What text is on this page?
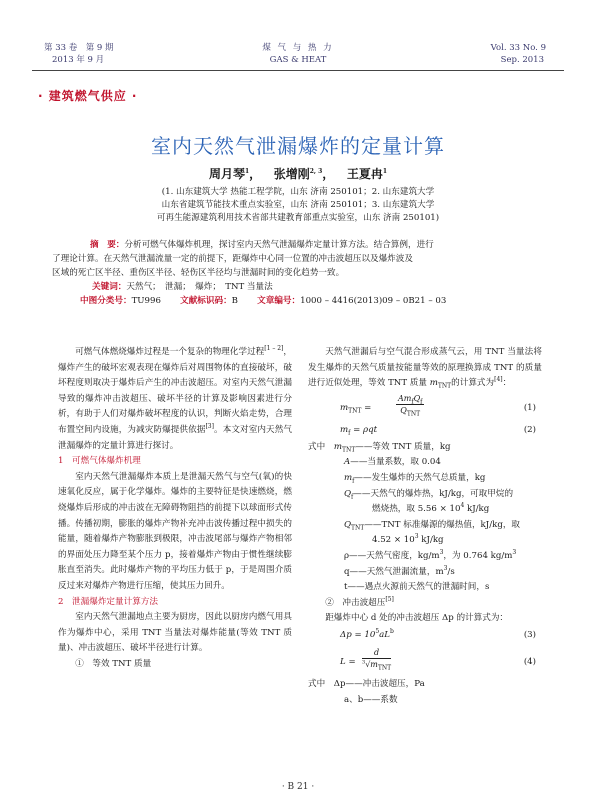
第 33 卷　第 9 期
2013 年 9 月
煤 气 与 热 力
GAS & HEAT
Vol. 33 No. 9
Sep. 2013
· 建筑燃气供应 ·
室内天然气泄漏爆炸的定量计算
周月琴$^1$，   张增刚$^{2, 3}$，   王夏冉$^1$
(1. 山东建筑大学 热能工程学院，山东 济南 250101；2. 山东建筑大学
山东省建筑节能技术重点实验室，山东 济南 250101；3. 山东建筑大学
可再生能源建筑利用技术省部共建教育部重点实验室，山东 济南 250101)
摘　要：分析可燃气体爆炸机理，探讨室内天然气泄漏爆炸定量计算方法。结合算例，进行
了理论计算。在天然气泄漏流量一定的前提下，距爆炸中心同一位置的冲击波超压以及爆炸波及
区域的死亡区半径、重伤区半径、轻伤区半径均与泄漏时间的变化趋势一致。
关键词：天然气；　泄漏；　爆炸；　TNT 当量法
中图分类号：TU996 文献标识码：B 文章编号：1000 – 4416(2013)09 – 0B21 – 03

可燃气体燃烧爆炸过程是一个复杂的物理化学过程[1 – 2]，爆炸产生的破坏宏观表现在爆炸后对周围物体的直接破坏，破坏程度则取决于爆炸后产生的冲击波超压。对室内天然气泄漏导致的爆炸冲击波超压、破坏半径的计算及影响因素进行分析，有助于人们对爆炸破坏程度的认识，判断火焰走势，合理布置空间内设施，为减灾防爆提供依据[3]。本文对室内天然气泄漏爆炸的定量计算进行探讨。

1　可燃气体爆炸机理

室内天然气泄漏爆炸本质上是泄漏天然气与空气(氧)的快速氧化反应，属于化学爆炸。爆炸的主要特征是快速燃烧，燃烧爆炸后形成的冲击波在无障碍物阻挡的前提下以球面形式传播。传播初期，膨胀的爆炸产物补充冲击波传播过程中损失的能量，随着爆炸产物膨胀到极限，冲击波尾部与爆炸产物相邻的界面处压力降至某个压力 p，接着爆炸产物由于惯性继续膨胀直至消失。此时爆炸产物的平均压力低于 p，于是周围介质反过来对爆炸产物进行压缩，使其压力回升。

2　泄漏爆炸定量计算方法

室内天然气泄漏地点主要为厨房，因此以厨房内燃气用具作为爆炸中心，采用 TNT 当量法对爆炸能量(等效 TNT 质量)、冲击波超压、破坏半径进行计算。

①　等效 TNT 质量

天然气泄漏后与空气混合形成蒸气云，用 TNT 当量法将发生爆炸的天然气质量按能量等效的原理换算成 TNT 的质量进行近似处理，等效 TNT 质量 $m_{TNT}$的计算式为[4]：

$m_{TNT}$ =
$Am_fQ_f$
$Q_{TNT}$
(1)
$m_f = \rho qt$	(2)
式中　 $m_{TNT}——$等效 TNT 质量，kg
A——当量系数，取 0.04
$m_f——$发生爆炸的天然气总质量，kg
$Q_f——$天然气的爆炸热，kJ/kg，可取甲烷的
燃烧热，取 $5.56 \times 10^4$ kJ/kg
$Q_{TNT}——TNT$ 标准爆源的爆热值，kJ/kg，取
$4.52 \times 10^3$ kJ/kg
ρ——天然气密度，$kg/m^3$，为 0.764 $kg/m^3$
q——天然气泄漏流量，$m^3/s$
t——遇点火源前天然气的泄漏时间，s

②　冲击波超压[5]

距爆炸中心 d 处的冲击波超压 Δp 的计算式为：

$\Delta p = 10^5aL^b$	(3)
L =
d
$^3√m_{TNT}$
(4)
式中　Δp——冲击波超压，Pa
a、b——系数
· B 21 ·
